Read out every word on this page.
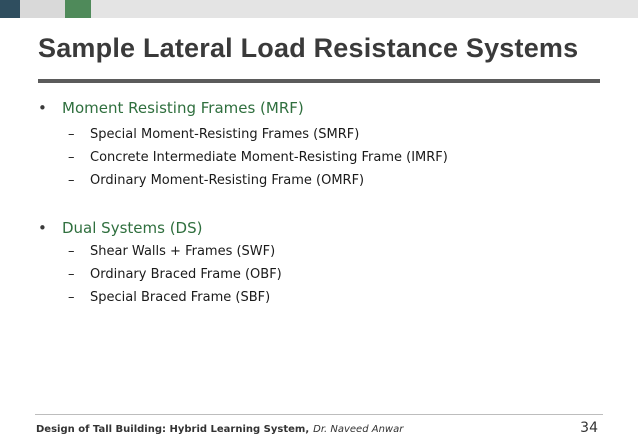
Sample Lateral Load Resistance Systems
• Moment Resisting Frames (MRF)
– Special Moment-Resisting Frames (SMRF)
– Concrete Intermediate Moment-Resisting Frame (IMRF)
– Ordinary Moment-Resisting Frame (OMRF)
• Dual Systems (DS)
– Shear Walls + Frames (SWF)
– Ordinary Braced Frame (OBF)
– Special Braced Frame (SBF)
Design of Tall Building: Hybrid Learning System, Dr. Naveed Anwar	34
